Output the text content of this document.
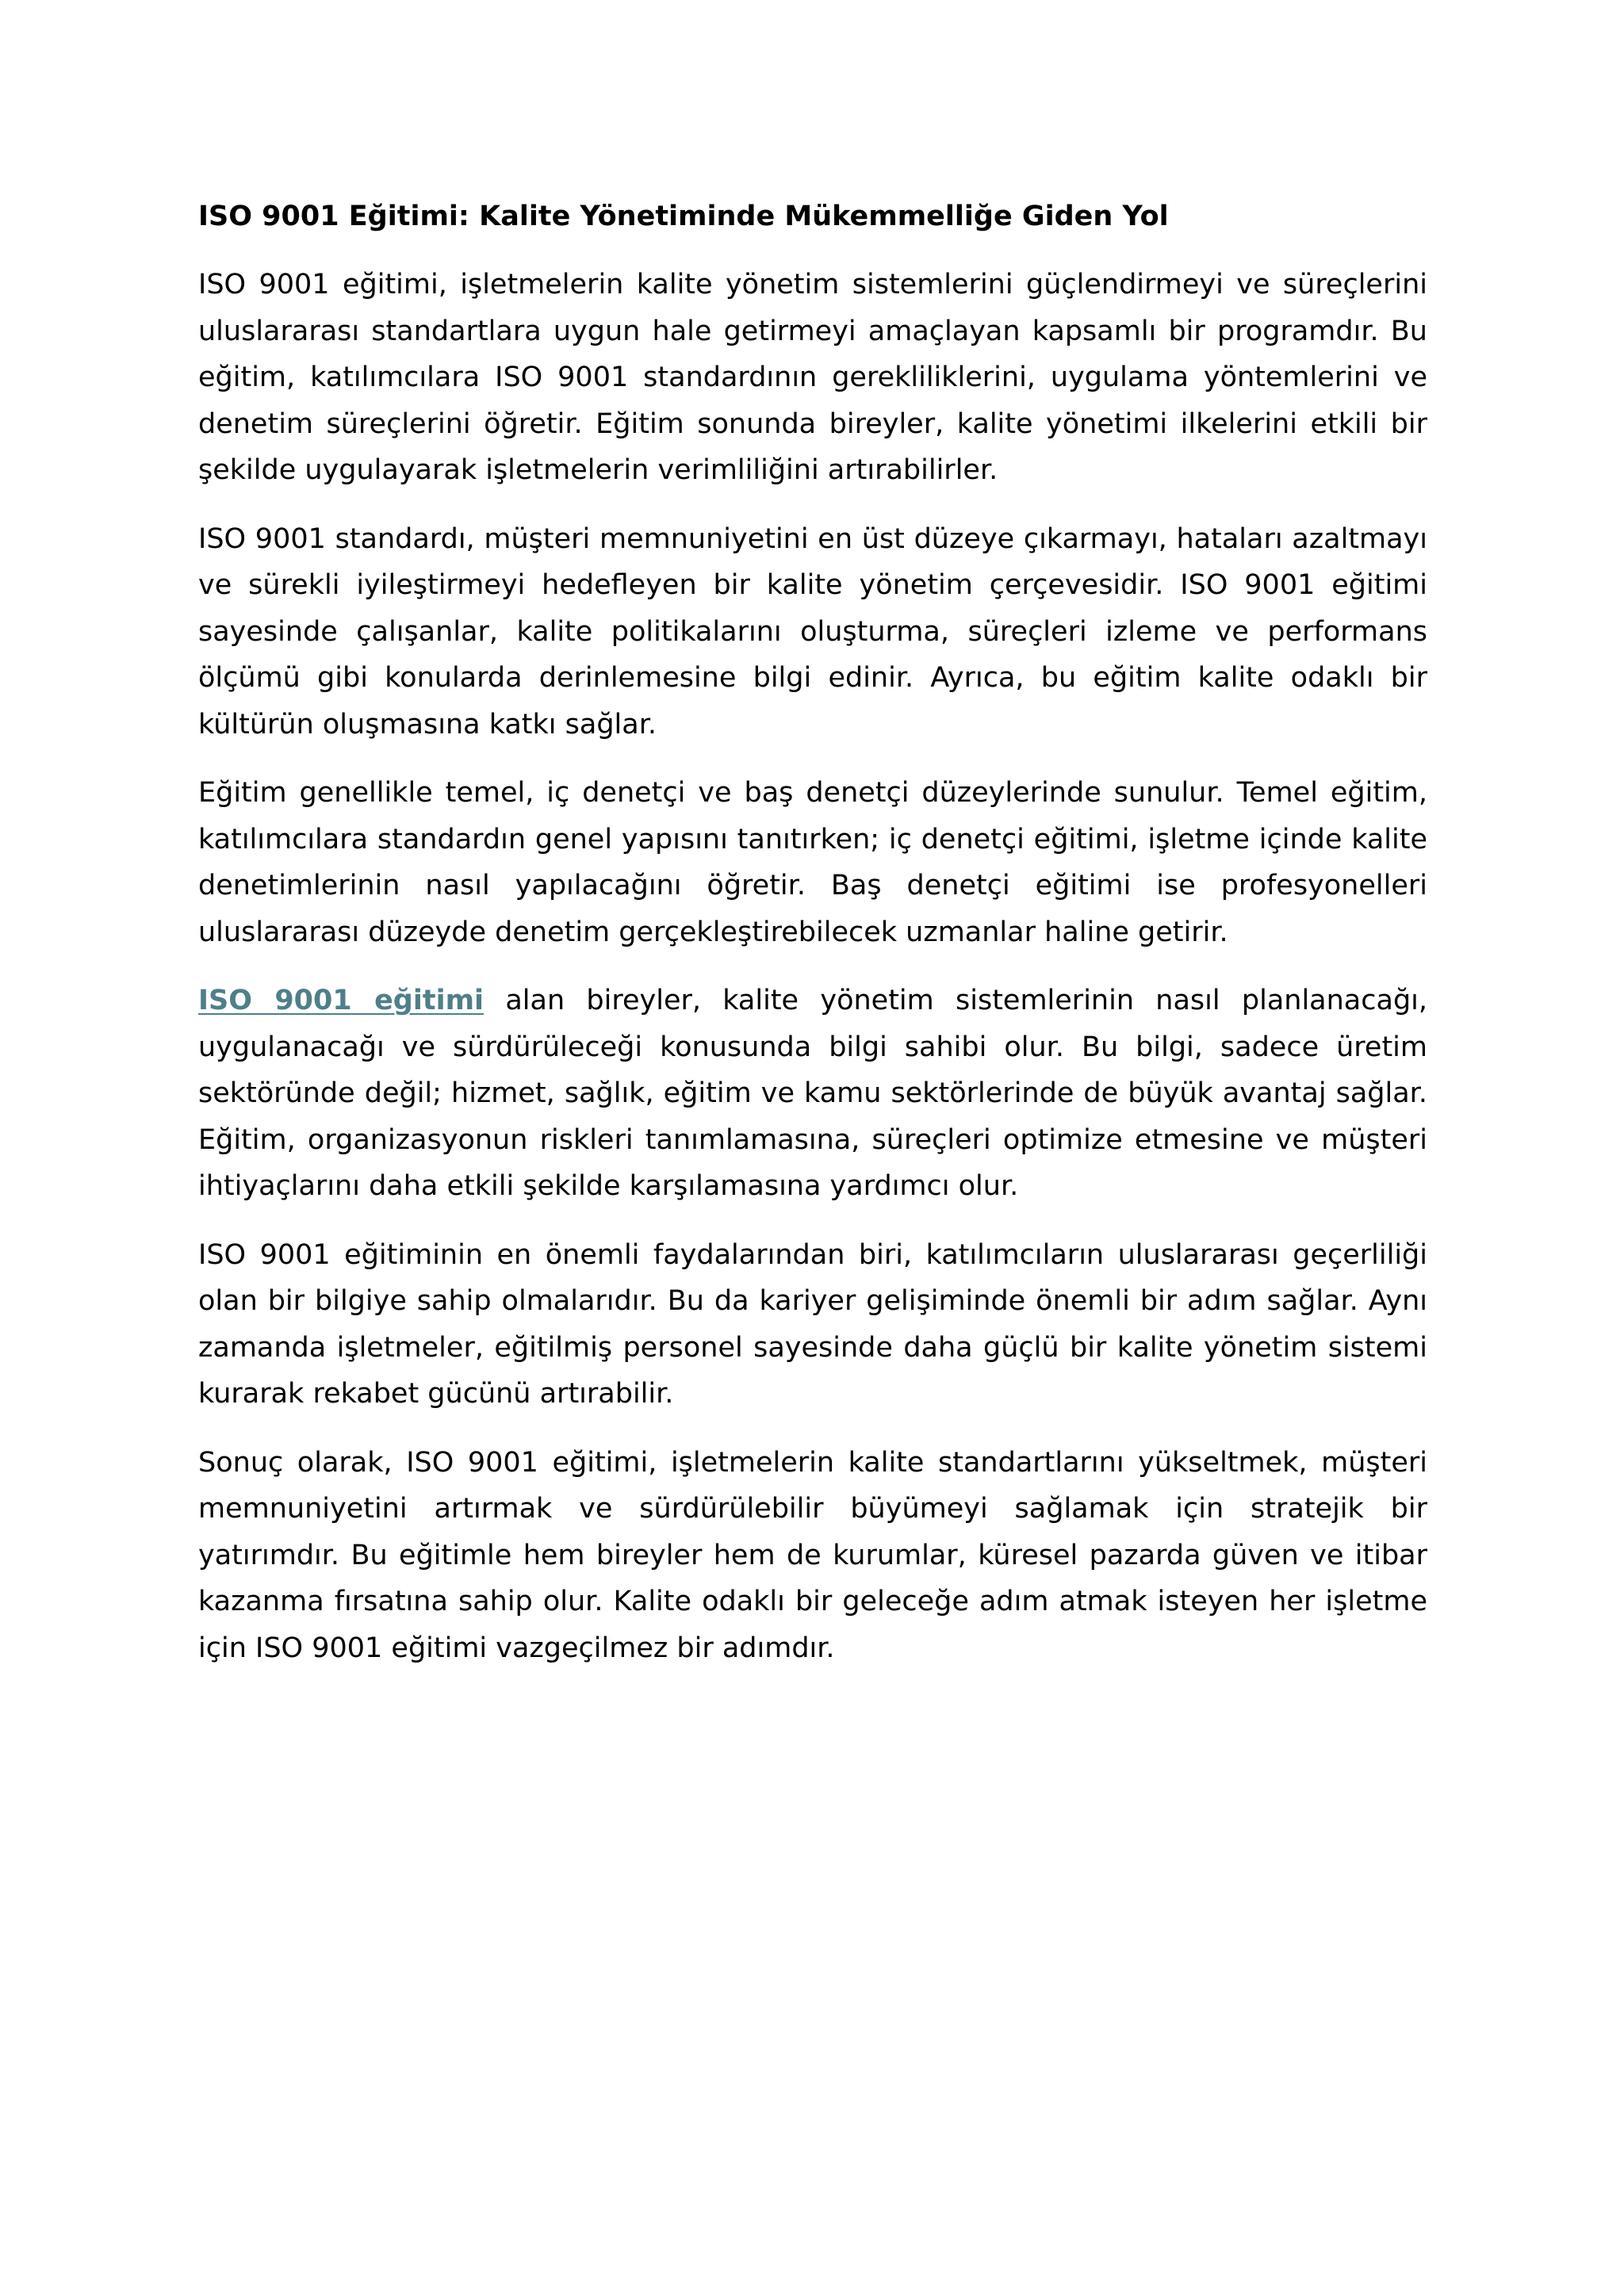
ISO 9001 Eğitimi: Kalite Yönetiminde Mükemmelliğe Giden Yol

ISO 9001 eğitimi, işletmelerin kalite yönetim sistemlerini güçlendirmeyi ve süreçlerini uluslararası standartlara uygun hale getirmeyi amaçlayan kapsamlı bir programdır. Bu eğitim, katılımcılara ISO 9001 standardının gerekliliklerini, uygulama yöntemlerini ve denetim süreçlerini öğretir. Eğitim sonunda bireyler, kalite yönetimi ilkelerini etkili bir şekilde uygulayarak işletmelerin verimliliğini artırabilirler.

ISO 9001 standardı, müşteri memnuniyetini en üst düzeye çıkarmayı, hataları azaltmayı ve sürekli iyileştirmeyi hedefleyen bir kalite yönetim çerçevesidir. ISO 9001 eğitimi sayesinde çalışanlar, kalite politikalarını oluşturma, süreçleri izleme ve performans ölçümü gibi konularda derinlemesine bilgi edinir. Ayrıca, bu eğitim kalite odaklı bir kültürün oluşmasına katkı sağlar.

Eğitim genellikle temel, iç denetçi ve baş denetçi düzeylerinde sunulur. Temel eğitim, katılımcılara standardın genel yapısını tanıtırken; iç denetçi eğitimi, işletme içinde kalite denetimlerinin nasıl yapılacağını öğretir. Baş denetçi eğitimi ise profesyonelleri uluslararası düzeyde denetim gerçekleştirebilecek uzmanlar haline getirir.

ISO 9001 eğitimi alan bireyler, kalite yönetim sistemlerinin nasıl planlanacağı, uygulanacağı ve sürdürüleceği konusunda bilgi sahibi olur. Bu bilgi, sadece üretim sektöründe değil; hizmet, sağlık, eğitim ve kamu sektörlerinde de büyük avantaj sağlar. Eğitim, organizasyonun riskleri tanımlamasına, süreçleri optimize etmesine ve müşteri ihtiyaçlarını daha etkili şekilde karşılamasına yardımcı olur.

ISO 9001 eğitiminin en önemli faydalarından biri, katılımcıların uluslararası geçerliliği olan bir bilgiye sahip olmalarıdır. Bu da kariyer gelişiminde önemli bir adım sağlar. Aynı zamanda işletmeler, eğitilmiş personel sayesinde daha güçlü bir kalite yönetim sistemi kurarak rekabet gücünü artırabilir.

Sonuç olarak, ISO 9001 eğitimi, işletmelerin kalite standartlarını yükseltmek, müşteri memnuniyetini artırmak ve sürdürülebilir büyümeyi sağlamak için stratejik bir yatırımdır. Bu eğitimle hem bireyler hem de kurumlar, küresel pazarda güven ve itibar kazanma fırsatına sahip olur. Kalite odaklı bir geleceğe adım atmak isteyen her işletme için ISO 9001 eğitimi vazgeçilmez bir adımdır.
